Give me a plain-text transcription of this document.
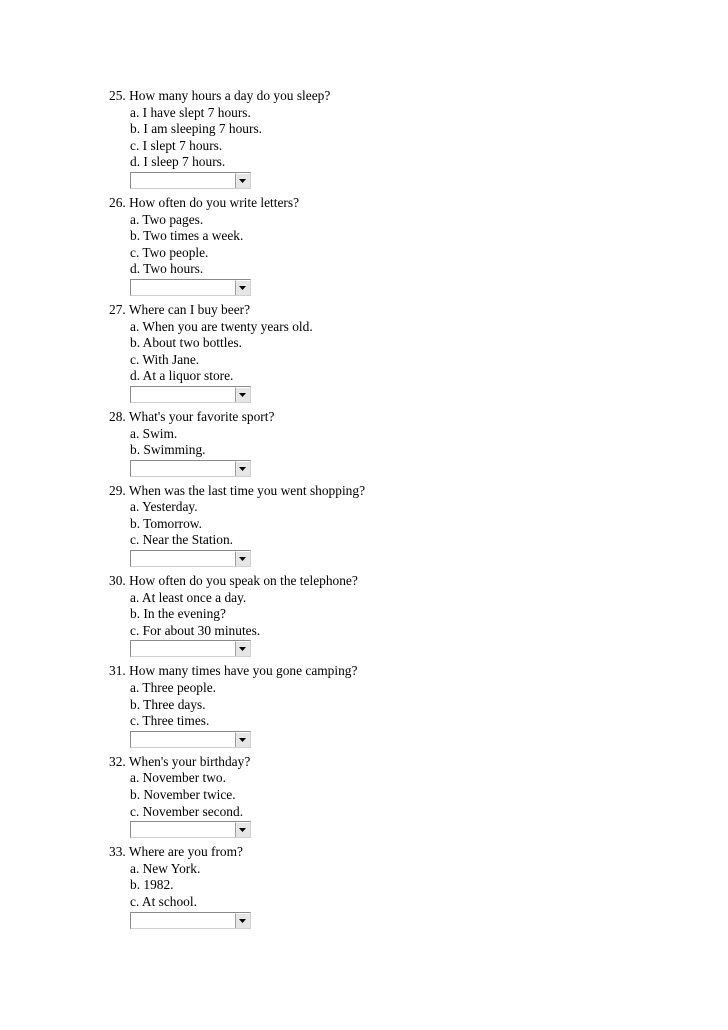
25. How many hours a day do you sleep?
a. I have slept 7 hours.
b. I am sleeping 7 hours.
c. I slept 7 hours.
d. I sleep 7 hours.
26. How often do you write letters?
a. Two pages.
b. Two times a week.
c. Two people.
d. Two hours.
27. Where can I buy beer?
a. When you are twenty years old.
b. About two bottles.
c. With Jane.
d. At a liquor store.
28. What's your favorite sport?
a. Swim.
b. Swimming.
29. When was the last time you went shopping?
a. Yesterday.
b. Tomorrow.
c. Near the Station.
30. How often do you speak on the telephone?
a. At least once a day.
b. In the evening?
c. For about 30 minutes.
31. How many times have you gone camping?
a. Three people.
b. Three days.
c. Three times.
32. When's your birthday?
a. November two.
b. November twice.
c. November second.
33. Where are you from?
a. New York.
b. 1982.
c. At school.
